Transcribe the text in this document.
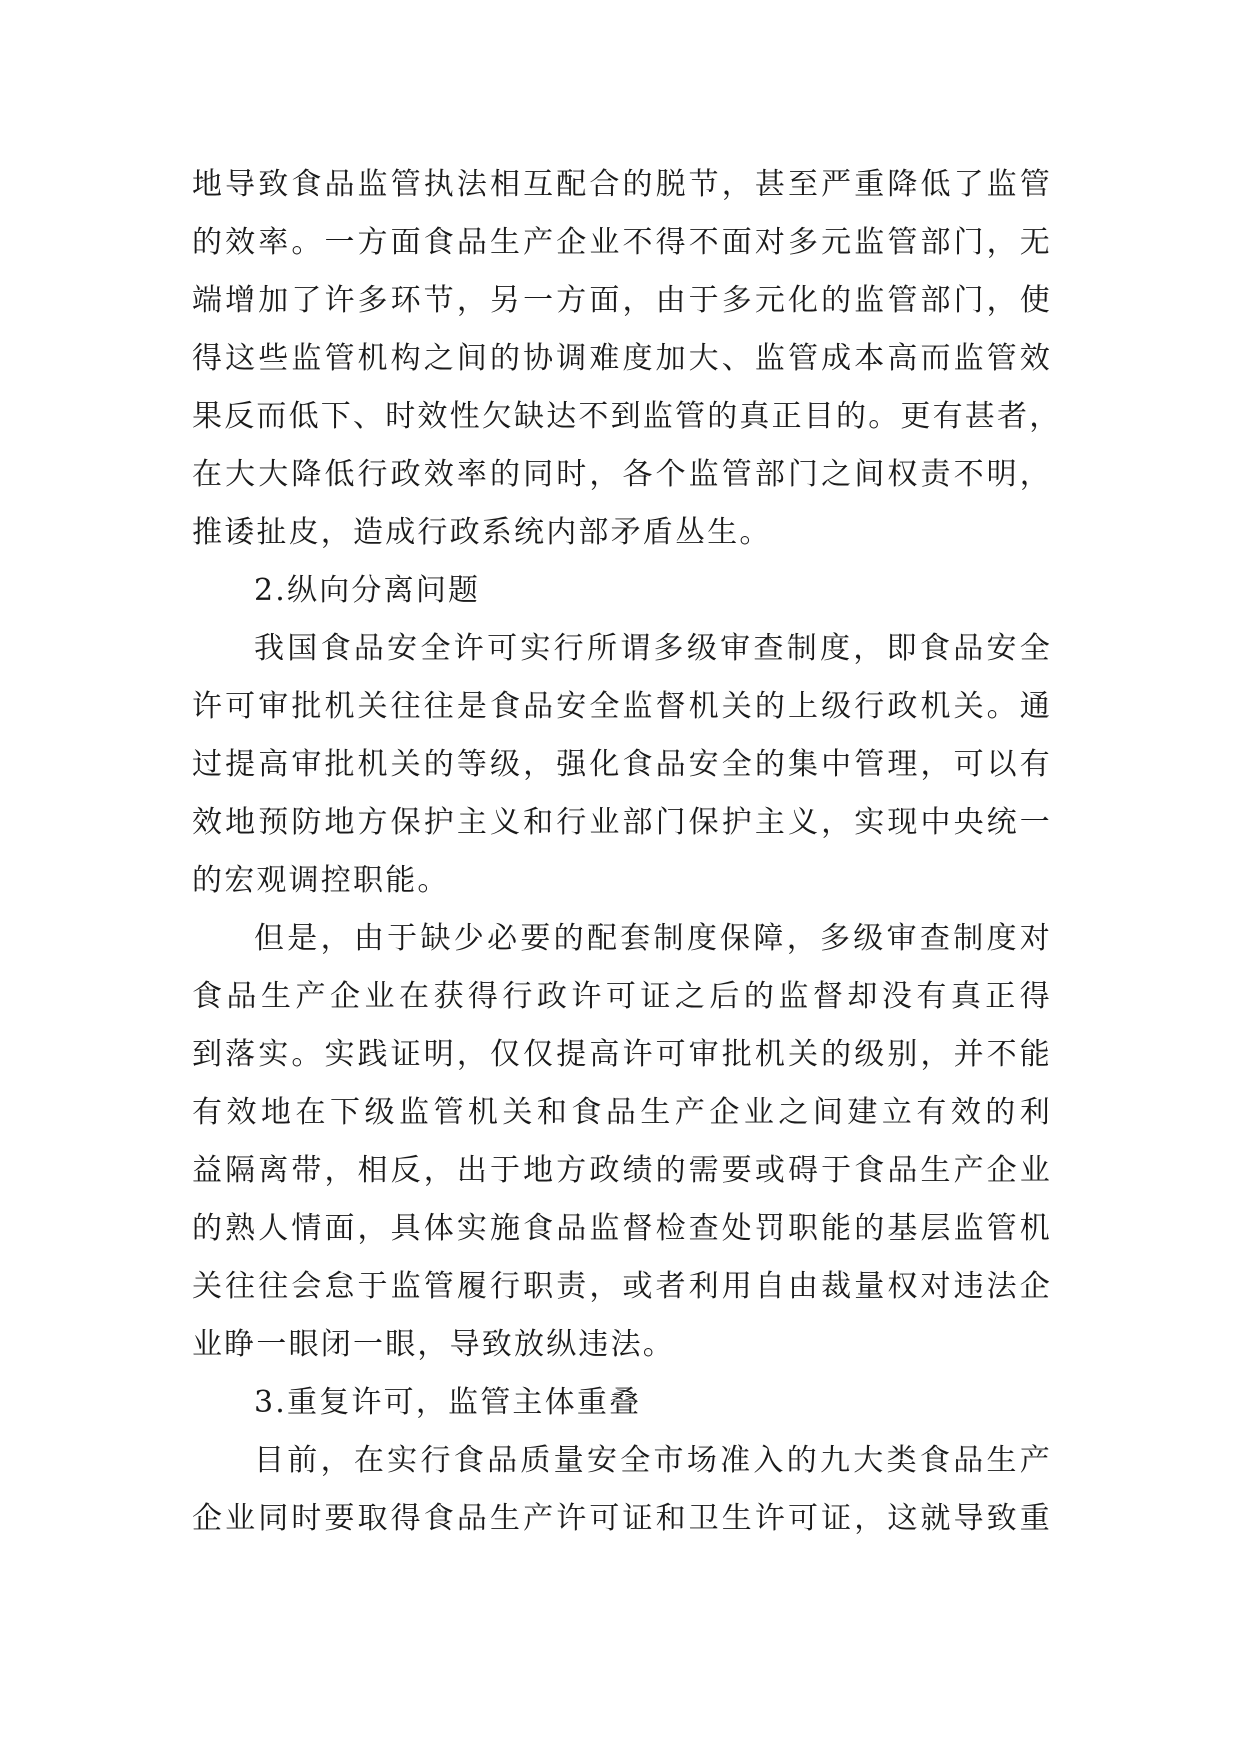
地导致食品监管执法相互配合的脱节，甚至严重降低了监管
的效率。一方面食品生产企业不得不面对多元监管部门，无
端增加了许多环节，另一方面，由于多元化的监管部门，使
得这些监管机构之间的协调难度加大、监管成本高而监管效
果反而低下、时效性欠缺达不到监管的真正目的。更有甚者，
在大大降低行政效率的同时，各个监管部门之间权责不明，
推诿扯皮，造成行政系统内部矛盾丛生。
2.纵向分离问题
我国食品安全许可实行所谓多级审查制度，即食品安全
许可审批机关往往是食品安全监督机关的上级行政机关。通
过提高审批机关的等级，强化食品安全的集中管理，可以有
效地预防地方保护主义和行业部门保护主义，实现中央统一
的宏观调控职能。
但是，由于缺少必要的配套制度保障，多级审查制度对
食品生产企业在获得行政许可证之后的监督却没有真正得
到落实。实践证明，仅仅提高许可审批机关的级别，并不能
有效地在下级监管机关和食品生产企业之间建立有效的利
益隔离带，相反，出于地方政绩的需要或碍于食品生产企业
的熟人情面，具体实施食品监督检查处罚职能的基层监管机
关往往会怠于监管履行职责，或者利用自由裁量权对违法企
业睁一眼闭一眼，导致放纵违法。
3.重复许可，监管主体重叠
目前，在实行食品质量安全市场准入的九大类食品生产
企业同时要取得食品生产许可证和卫生许可证，这就导致重
